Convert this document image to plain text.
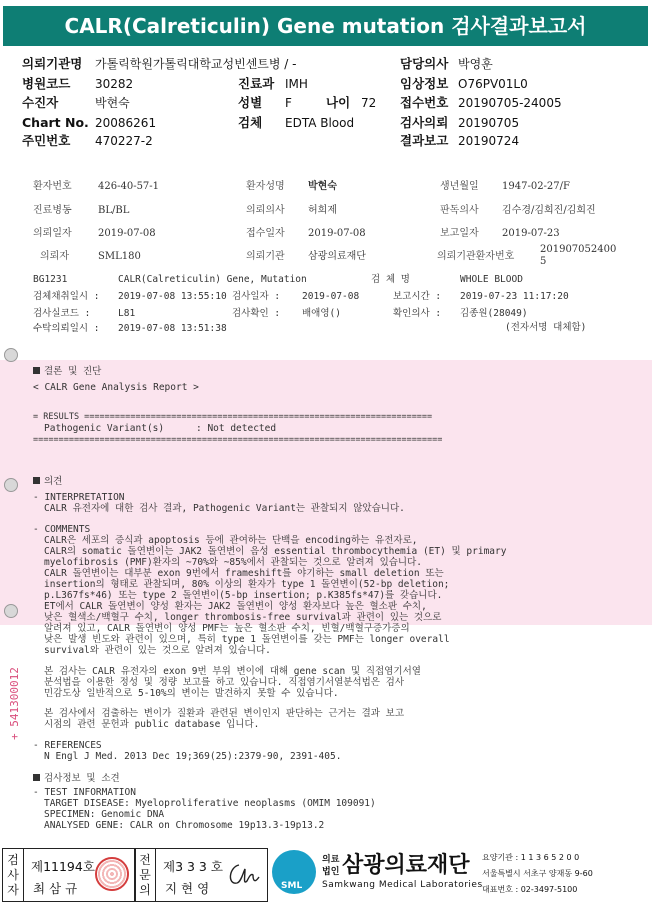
CALR(Calreticulin) Gene mutation 검사결과보고서
의뢰기관명 가톨릭학원가톨릭대학교성빈센트병 / -	담당의사 박영훈
병원코드 30282	진료과 IMH	임상정보 O76PV01L0
수진자	박현숙	성별 F	나이 72 접수번호 20190705-24005
Chart No. 20086261	검체 EDTA Blood	검사의뢰 20190705
주민번호 470227-2	결과보고 20190724
환자번호	426-40-57-1	환자성명 박현숙	생년월일 1947-02-27/F
진료병동	BL/BL	의뢰의사 허희제	판독의사 김수경/김희진/김희진
의뢰일자	2019-07-08	접수일자 2019-07-08	보고일자 2019-07-23
의뢰자	SML180	의뢰기관 삼광의료재단	의뢰기관환자번호
201907052400
5
BG1231	CALR(Calreticulin) Gene, Mutation	검 체 명	WHOLE BLOOD
검체채취일시 : 2019-07-08 13:55:10 검사일자 : 2019-07-08	보고시간 : 2019-07-23 11:17:20
검사실코드 :	L81	검사확인 : 배애영()	확인의사 : 김종원(28049)
수탁의뢰일시 : 2019-07-08 13:51:38	(전자서명 대체함)
결론 및 진단
< CALR Gene Analysis Report >
= RESULTS ====================================================================
Pathogenic Variant(s)	: Not detected
================================================================================
의견
- INTERPRETATION
CALR 유전자에 대한 검사 결과, Pathogenic Variant는 관찰되지 않았습니다.
- COMMENTS
CALR은 세포의 증식과 apoptosis 등에 관여하는 단백을 encoding하는 유전자로,
CALR의 somatic 돌연변이는 JAK2 돌연변이 음성 essential thrombocythemia (ET) 및 primary
myelofibrosis (PMF)환자의 ~70%와 ~85%에서 관찰되는 것으로 알려져 있습니다.
CALR 돌연변이는 대부분 exon 9번에서 frameshift를 야기하는 small deletion 또는
insertion의 형태로 관찰되며, 80% 이상의 환자가 type 1 돌연변이(52-bp deletion;
p.L367fs*46) 또는 type 2 돌연변이(5-bp insertion; p.K385fs*47)를 갖습니다.
ET에서 CALR 돌연변이 양성 환자는 JAK2 돌연변이 양성 환자보다 높은 혈소판 수치,
낮은 혈색소/백혈구 수치, longer thrombosis-free survival과 관련이 있는 것으로
알려져 있고, CALR 돌연변이 양성 PMF는 높은 혈소판 수치, 빈혈/백혈구증가증의
낮은 발생 빈도와 관련이 있으며, 특히 type 1 돌연변이를 갖는 PMF는 longer overall
survival와 관련이 있는 것으로 알려져 있습니다.
본 검사는 CALR 유전자의 exon 9번 부위 변이에 대해 gene scan 및 직접염기서열
분석법을 이용한 정성 및 정량 보고를 하고 있습니다. 직접염기서열분석법은 검사
민감도상 일반적으로 5-10%의 변이는 발견하지 못할 수 있습니다.
본 검사에서 검출하는 변이가 질환과 관련된 변이인지 판단하는 근거는 결과 보고
시점의 관련 문헌과 public database 입니다.
- REFERENCES
N Engl J Med. 2013 Dec 19;369(25):2379-90, 2391-405.
검사정보 및 소견
- TEST INFORMATION
TARGET DISEASE: Myeloproliferative neoplasms (OMIM 109091)
SPECIMEN: Genomic DNA
ANALYSED GENE: CALR on Chromosome 19p13.3-19p13.2
+ 541300012
검
사
자
제11194호
최 삼 규
전
문
의
제3 3 3 호
지 현 영	SML
의료
법인 삼광의료재단
Samkwang Medical Laboratories
요양기관 : 1 1 3 6 5 2 0 0
서울특별시 서초구 양재동 9-60
대표번호 : 02-3497-5100
